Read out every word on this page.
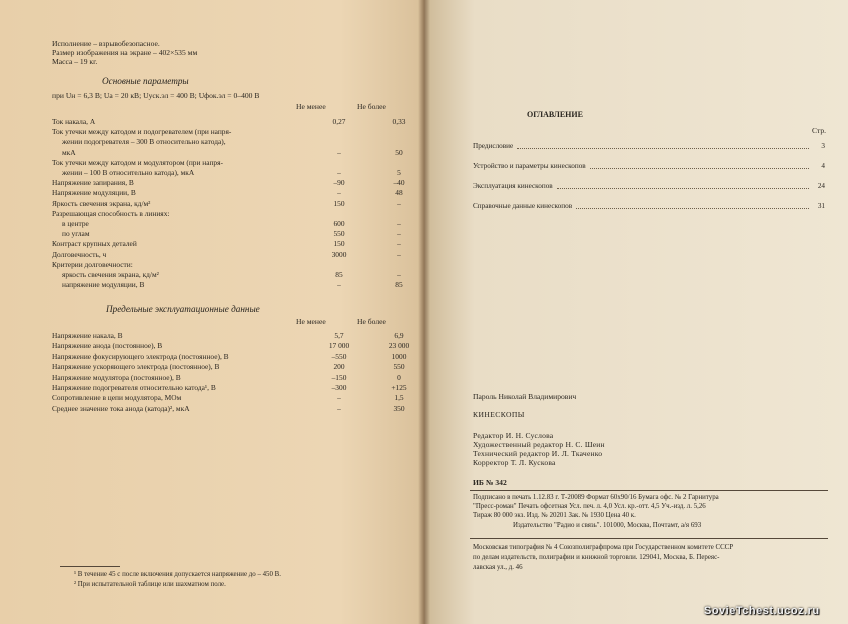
Исполнение – взрывобезопасное.
Размер изображения на экране – 402×535 мм
Масса – 19 кг.
Основные параметры
при Uн = 6,3 В; Uа = 20 кВ; Uуск.эл = 400 В; Uфок.эл = 0–400 В
Не менее	Не более
Ток накала, А	0,27	0,33
Ток утечки между катодом и подогревателем (при напря-
жении подогревателя – 300 В относительно катода),
мкА	–	50
Ток утечки между катодом и модулятором (при напря-
жении – 100 В относительно катода), мкА	–	5
Напряжение запирания, В	–90	–40
Напряжение модуляции, В	–	48
Яркость свечения экрана, кд/м²	150	–
Разрешающая способность в линиях:
в центре	600	–
по углам	550	–
Контраст крупных деталей	150	–
Долговечность, ч	3000	–
Критерии долговечности:
яркость свечения экрана, кд/м²	85	–
напряжение модуляции, В	–	85
Предельные эксплуатационные данные
Не менее	Не более
Напряжение накала, В	5,7	6,9
Напряжение анода (постоянное), В	17 000	23 000
Напряжение фокусирующего электрода (постоянное), В	–550	1000
Напряжение ускоряющего электрода (постоянное), В	200	550
Напряжение модулятора (постоянное), В	–150	0
Напряжение подогревателя относительно катода¹, В	–300	+125
Сопротивление в цепи модулятора, МОм	–	1,5
Среднее значение тока анода (катода)², мкА	–	350
¹ В течение 45 с после включения допускается напряжение до – 450 В.
² При испытательной таблице или шахматном поле.
ОГЛАВЛЕНИЕ
Стр.
Предисловие	3
Устройство и параметры кинескопов	4
Эксплуатация кинескопов	24
Справочные данные кинескопов	31
Пароль Николай Владимирович
КИНЕСКОПЫ
Редактор И. Н. Суслова
Художественный редактор Н. С. Шеин
Технический редактор И. Л. Ткаченко
Корректор Т. Л. Кускова
ИБ № 342
Подписано в печать 1.12.83 г. Т-20089 Формат 60х90/16 Бумага офс. № 2 Гарнитура
"Пресс-роман" Печать офсетная Усл. печ. л. 4,0 Усл. кр.-отт. 4,5 Уч.-изд. л. 5,26
Тираж 80 000 экз. Изд. № 20201 Зак. № 1930 Цена 40 к.
Издательство "Радио и связь". 101000, Москва, Почтамт, а/я 693
Московская типография № 4 Союзполиграфпрома при Государственном комитете СССР
по делам издательств, полиграфии и книжной торговли. 129041, Москва, Б. Переяс-
лавская ул., д. 46
SovieTchest.ucoz.ru
